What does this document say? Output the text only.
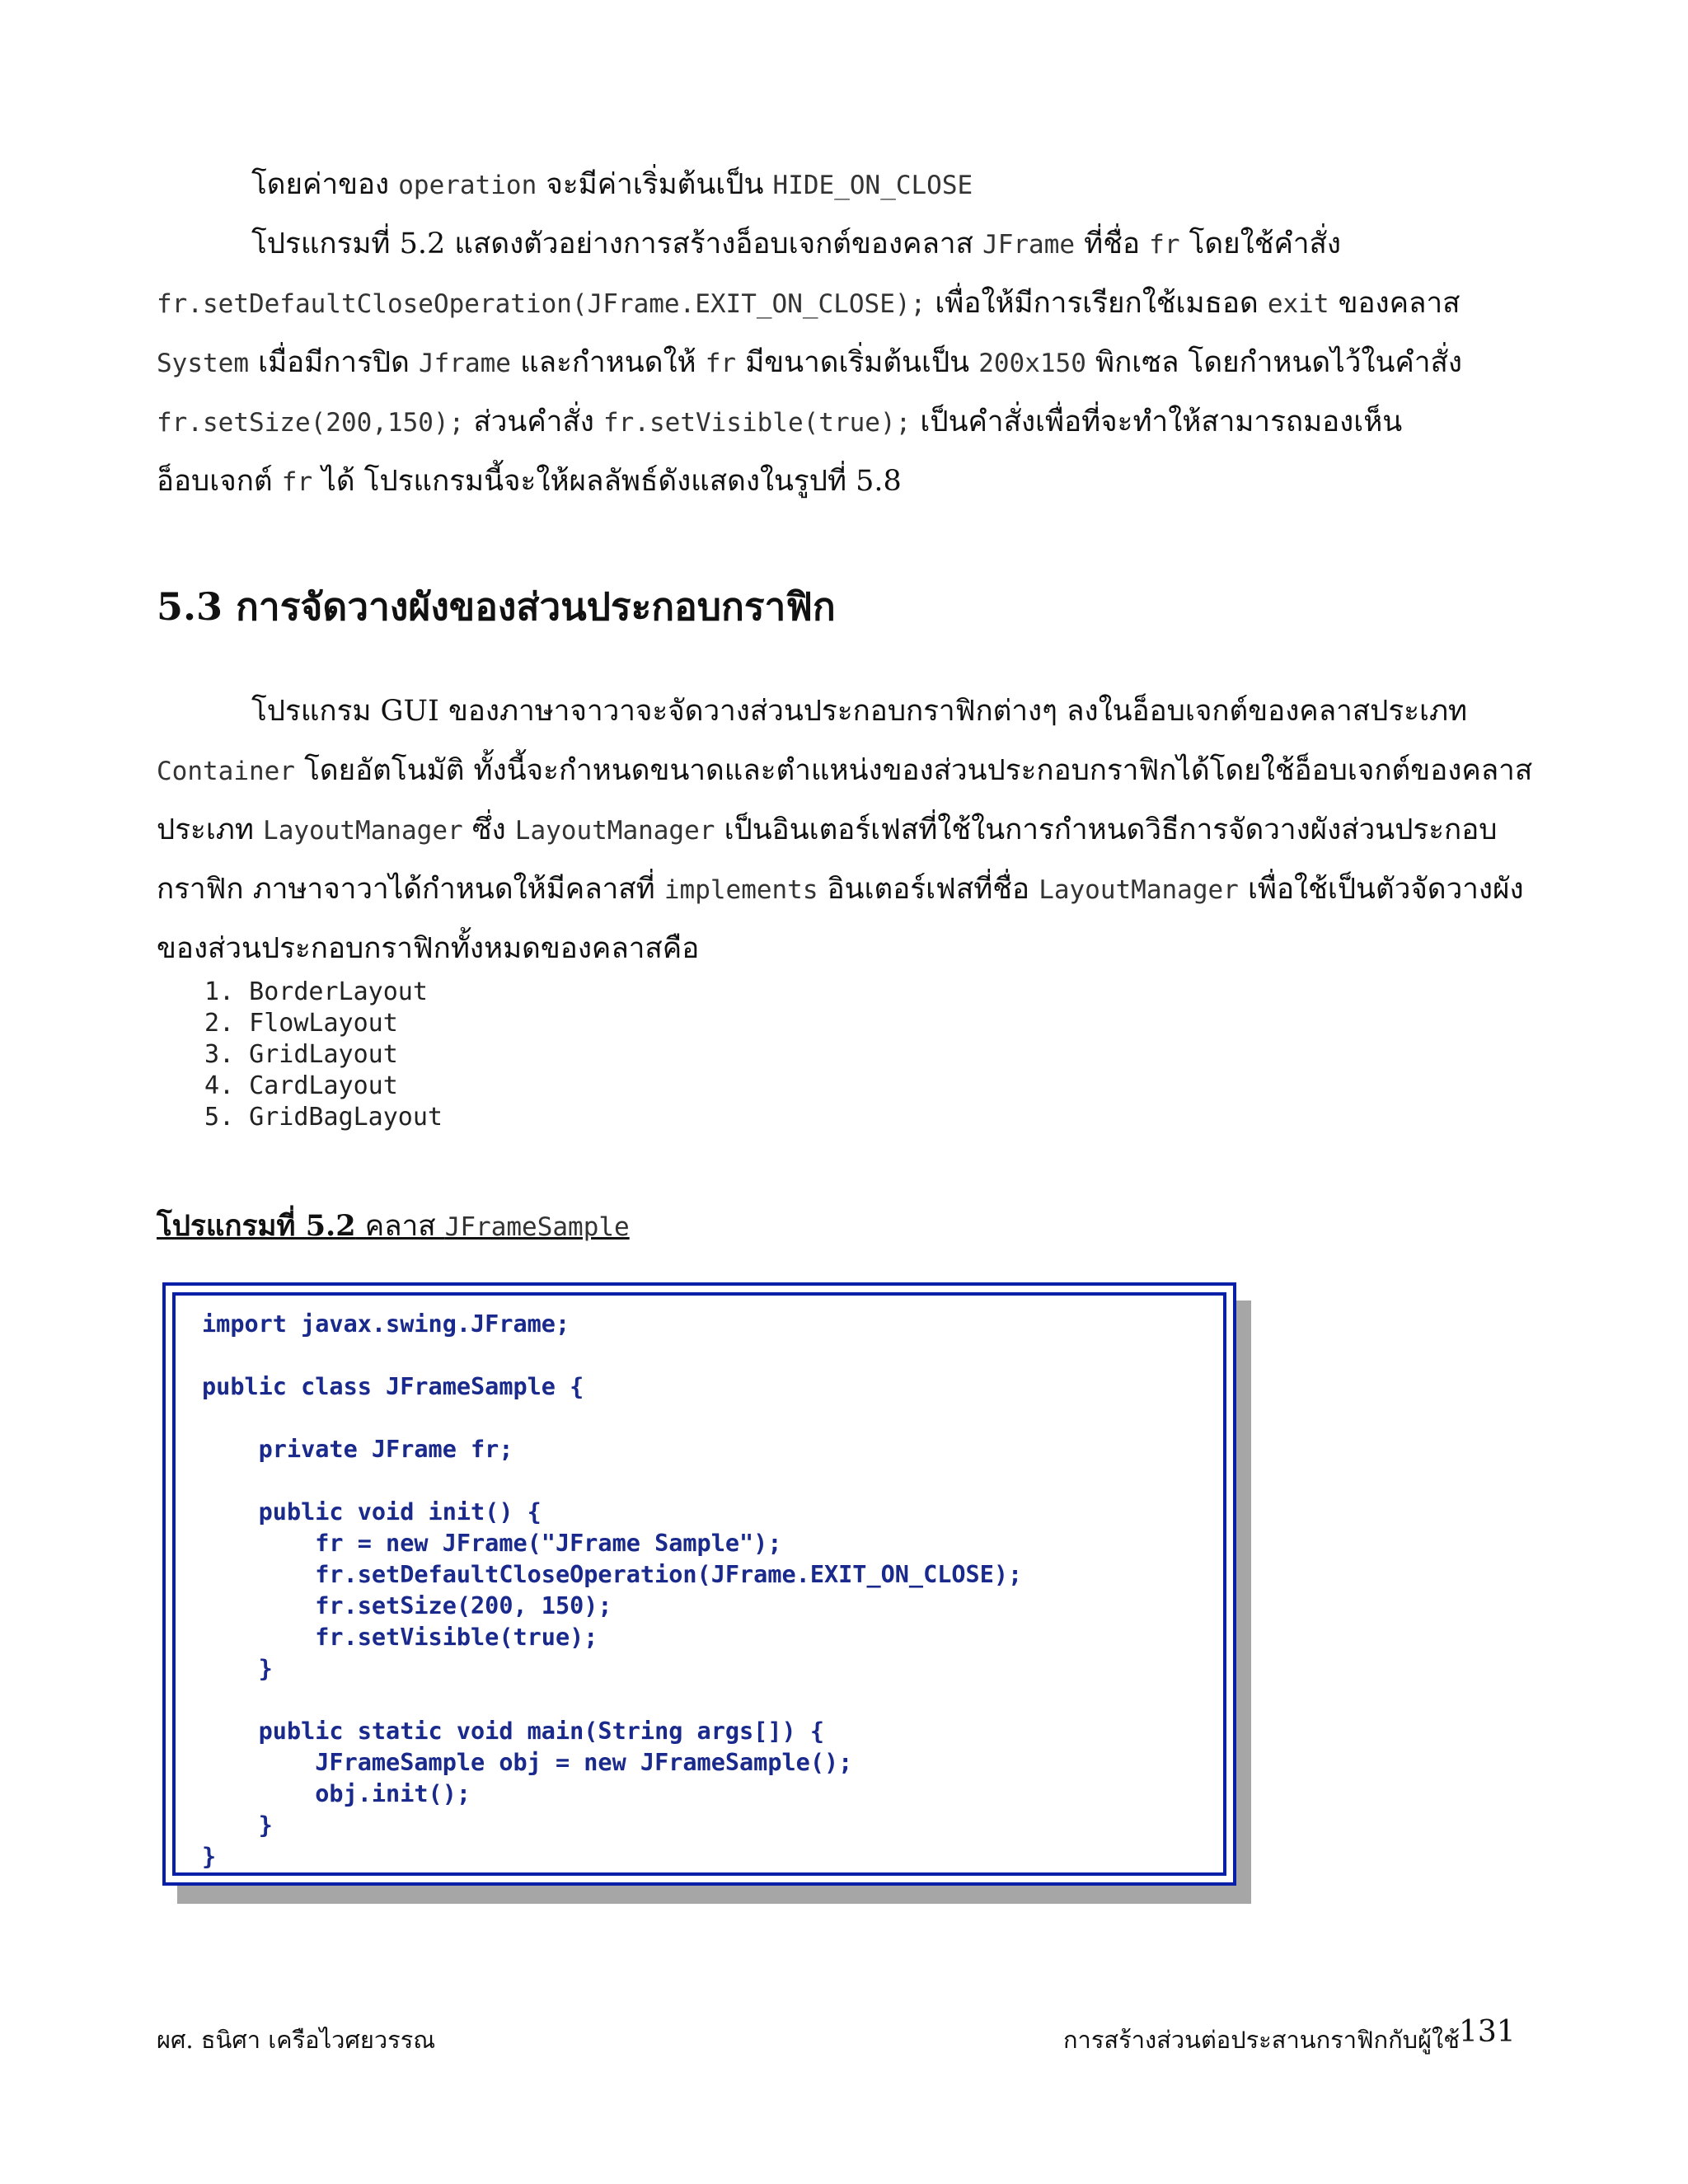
โดยค่าของ operation จะมีค่าเริ่มต้นเป็น HIDE_ON_CLOSE
โปรแกรมที่ 5.2 แสดงตัวอย่างการสร้างอ็อบเจกต์ของคลาส JFrame ที่ชื่อ fr โดยใช้คำสั่ง
fr.setDefaultCloseOperation(JFrame.EXIT_ON_CLOSE); เพื่อให้มีการเรียกใช้เมธอด exit ของคลาส
System เมื่อมีการปิด Jframe และกำหนดให้ fr มีขนาดเริ่มต้นเป็น 200x150 พิกเซล โดยกำหนดไว้ในคำสั่ง
fr.setSize(200,150); ส่วนคำสั่ง fr.setVisible(true); เป็นคำสั่งเพื่อที่จะทำให้สามารถมองเห็น
อ็อบเจกต์ fr ได้ โปรแกรมนี้จะให้ผลลัพธ์ดังแสดงในรูปที่ 5.8
5.3 การจัดวางผังของส่วนประกอบกราฟิก
โปรแกรม GUI ของภาษาจาวาจะจัดวางส่วนประกอบกราฟิกต่างๆ ลงในอ็อบเจกต์ของคลาสประเภท
Container โดยอัตโนมัติ ทั้งนี้จะกำหนดขนาดและตำแหน่งของส่วนประกอบกราฟิกได้โดยใช้อ็อบเจกต์ของคลาส
ประเภท LayoutManager ซึ่ง LayoutManager เป็นอินเตอร์เฟสที่ใช้ในการกำหนดวิธีการจัดวางผังส่วนประกอบ
กราฟิก ภาษาจาวาได้กำหนดให้มีคลาสที่ implements อินเตอร์เฟสที่ชื่อ LayoutManager เพื่อใช้เป็นตัวจัดวางผัง
ของส่วนประกอบกราฟิกทั้งหมดของคลาสคือ
1. BorderLayout
2. FlowLayout
3. GridLayout
4. CardLayout
5. GridBagLayout
โปรแกรมที่ 5.2 คลาส JFrameSample
import javax.swing.JFrame;

public class JFrameSample {

private JFrame fr;

public void init() {
fr = new JFrame("JFrame Sample");
fr.setDefaultCloseOperation(JFrame.EXIT_ON_CLOSE);
fr.setSize(200, 150);
fr.setVisible(true);
}

public static void main(String args[]) {
JFrameSample obj = new JFrameSample();
obj.init();
}
}
ผศ. ธนิศา เครือไวศยวรรณ	การสร้างส่วนต่อประสานกราฟิกกับผู้ใช้ 131
